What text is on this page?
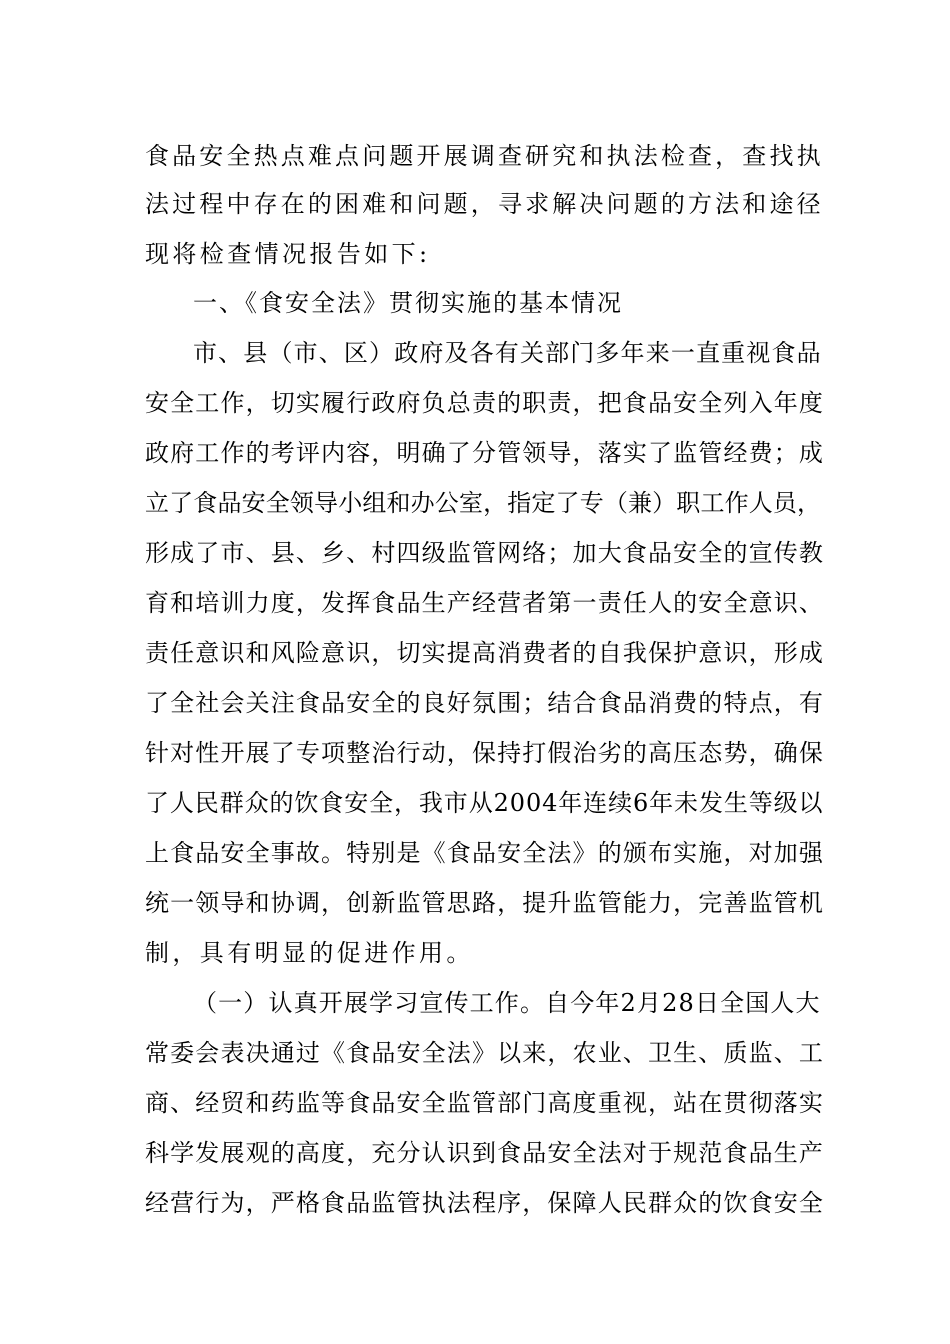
食品安全热点难点问题开展调查研究和执法检查，查找执
法过程中存在的困难和问题，寻求解决问题的方法和途径
现将检查情况报告如下:
一、《食安全法》贯彻实施的基本情况
市、县（市、区）政府及各有关部门多年来一直重视食品
安全工作，切实履行政府负总责的职责，把食品安全列入年度
政府工作的考评内容，明确了分管领导，落实了监管经费；成
立了食品安全领导小组和办公室，指定了专（兼）职工作人员，
形成了市、县、乡、村四级监管网络；加大食品安全的宣传教
育和培训力度，发挥食品生产经营者第一责任人的安全意识、
责任意识和风险意识，切实提高消费者的自我保护意识，形成
了全社会关注食品安全的良好氛围；结合食品消费的特点，有
针对性开展了专项整治行动，保持打假治劣的高压态势，确保
了人民群众的饮食安全，我市从2004年连续6年未发生等级以
上食品安全事故。特别是《食品安全法》的颁布实施，对加强
统一领导和协调，创新监管思路，提升监管能力，完善监管机
制，具有明显的促进作用。
（一）认真开展学习宣传工作。自今年2月28日全国人大
常委会表决通过《食品安全法》以来，农业、卫生、质监、工
商、经贸和药监等食品安全监管部门高度重视，站在贯彻落实
科学发展观的高度，充分认识到食品安全法对于规范食品生产
经营行为，严格食品监管执法程序，保障人民群众的饮食安全
